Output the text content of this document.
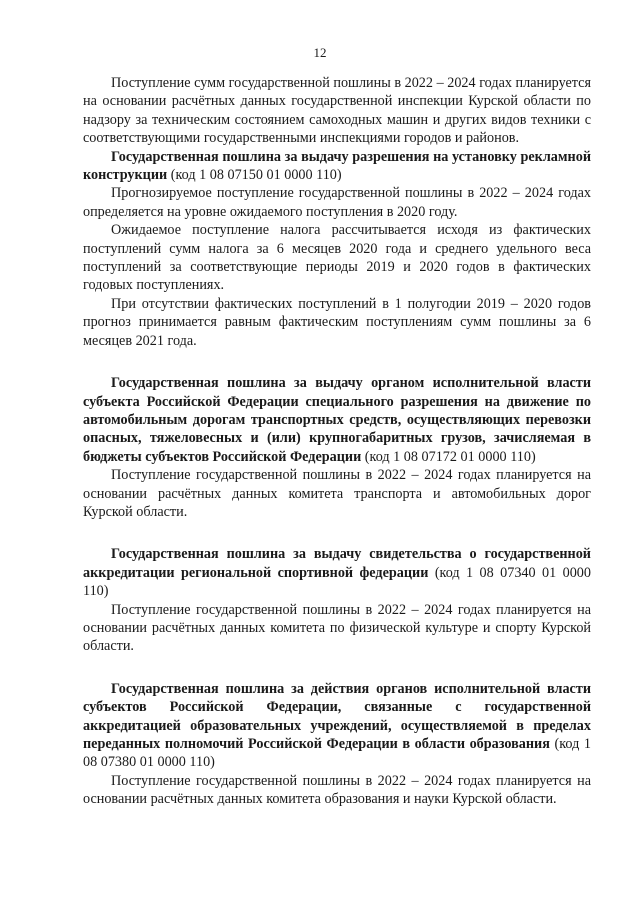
12

Поступление сумм государственной пошлины в 2022 – 2024 годах планируется на основании расчётных данных государственной инспекции Курской области по надзору за техническим состоянием самоходных машин и других видов техники с соответствующими государственными инспекциями городов и районов.

Государственная пошлина за выдачу разрешения на установку рекламной конструкции (код 1 08 07150 01 0000 110)

Прогнозируемое поступление государственной пошлины в 2022 – 2024 годах определяется на уровне ожидаемого поступления в 2020 году.

Ожидаемое поступление налога рассчитывается исходя из фактических поступлений сумм налога за 6 месяцев 2020 года и среднего удельного веса поступлений за соответствующие периоды 2019 и 2020 годов в фактических годовых поступлениях.

При отсутствии фактических поступлений в 1 полугодии 2019 – 2020 годов прогноз принимается равным фактическим поступлениям сумм пошлины за 6 месяцев 2021 года.

Государственная пошлина за выдачу органом исполнительной власти субъекта Российской Федерации специального разрешения на движение по автомобильным дорогам транспортных средств, осуществляющих перевозки опасных, тяжеловесных и (или) крупногабаритных грузов, зачисляемая в бюджеты субъектов Российской Федерации (код 1 08 07172 01 0000 110)

Поступление государственной пошлины в 2022 – 2024 годах планируется на основании расчётных данных комитета транспорта и автомобильных дорог Курской области.

Государственная пошлина за выдачу свидетельства о государственной аккредитации региональной спортивной федерации (код 1 08 07340 01 0000 110)

Поступление государственной пошлины в 2022 – 2024 годах планируется на основании расчётных данных комитета по физической культуре и спорту Курской области.

Государственная пошлина за действия органов исполнительной власти субъектов Российской Федерации, связанные с государственной аккредитацией образовательных учреждений, осуществляемой в пределах переданных полномочий Российской Федерации в области образования (код 1 08 07380 01 0000 110)

Поступление государственной пошлины в 2022 – 2024 годах планируется на основании расчётных данных комитета образования и науки Курской области.
